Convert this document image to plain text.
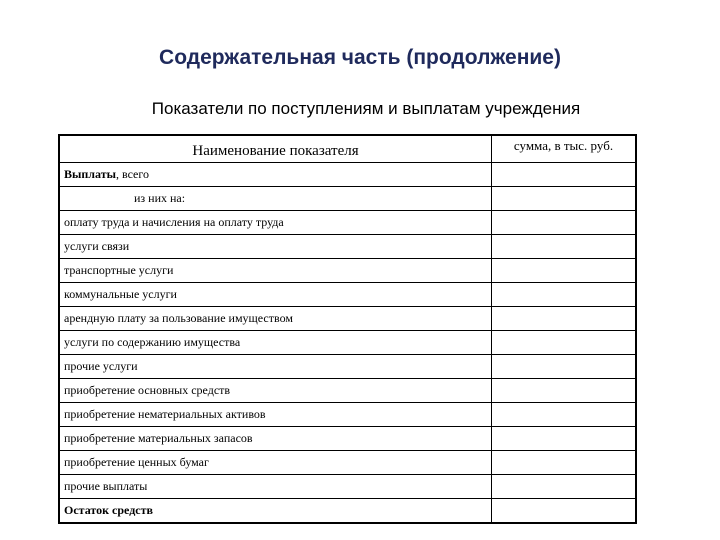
Содержательная часть (продолжение)
Показатели по поступлениям и выплатам учреждения
Наименование показателя	сумма, в тыс. руб.
Выплаты, всего	
из них на:	
оплату труда и начисления на оплату труда	
услуги связи	
транспортные услуги	
коммунальные услуги	
арендную плату за пользование имуществом	
услуги по содержанию имущества	
прочие услуги	
приобретение основных средств	
приобретение нематериальных активов	
приобретение материальных запасов	
приобретение ценных бумаг	
прочие выплаты	
Остаток средств	
